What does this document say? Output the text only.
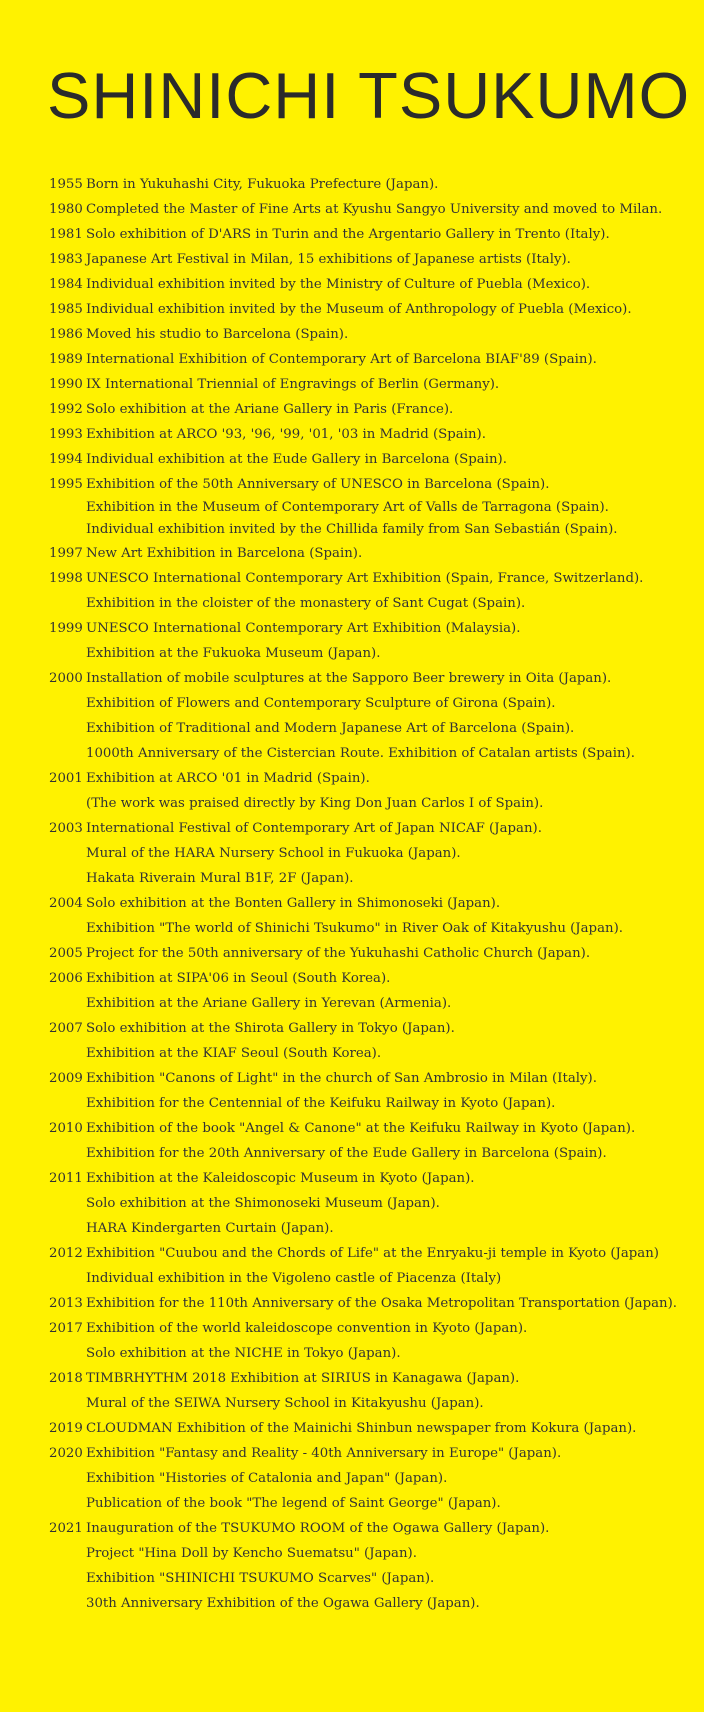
SHINICHI TSUKUMO
1955 Born in Yukuhashi City, Fukuoka Prefecture (Japan).
1980 Completed the Master of Fine Arts at Kyushu Sangyo University and moved to Milan.
1981 Solo exhibition of D'ARS in Turin and the Argentario Gallery in Trento (Italy).
1983 Japanese Art Festival in Milan, 15 exhibitions of Japanese artists (Italy).
1984 Individual exhibition invited by the Ministry of Culture of Puebla (Mexico).
1985 Individual exhibition invited by the Museum of Anthropology of Puebla (Mexico).
1986 Moved his studio to Barcelona (Spain).
1989 International Exhibition of Contemporary Art of Barcelona BIAF'89 (Spain).
1990 IX International Triennial of Engravings of Berlin (Germany).
1992 Solo exhibition at the Ariane Gallery in Paris (France).
1993 Exhibition at ARCO '93, '96, '99, '01, '03 in Madrid (Spain).
1994 Individual exhibition at the Eude Gallery in Barcelona (Spain).
1995 Exhibition of the 50th Anniversary of UNESCO in Barcelona (Spain).
Exhibition in the Museum of Contemporary Art of Valls de Tarragona (Spain).
Individual exhibition invited by the Chillida family from San Sebastián (Spain).
1997 New Art Exhibition in Barcelona (Spain).
1998 UNESCO International Contemporary Art Exhibition (Spain, France, Switzerland).
Exhibition in the cloister of the monastery of Sant Cugat (Spain).
1999 UNESCO International Contemporary Art Exhibition (Malaysia).
Exhibition at the Fukuoka Museum (Japan).
2000 Installation of mobile sculptures at the Sapporo Beer brewery in Oita (Japan).
Exhibition of Flowers and Contemporary Sculpture of Girona (Spain).
Exhibition of Traditional and Modern Japanese Art of Barcelona (Spain).
1000th Anniversary of the Cistercian Route. Exhibition of Catalan artists (Spain).
2001 Exhibition at ARCO '01 in Madrid (Spain).
(The work was praised directly by King Don Juan Carlos I of Spain).
2003 International Festival of Contemporary Art of Japan NICAF (Japan).
Mural of the HARA Nursery School in Fukuoka (Japan).
Hakata Riverain Mural B1F, 2F (Japan).
2004 Solo exhibition at the Bonten Gallery in Shimonoseki (Japan).
Exhibition "The world of Shinichi Tsukumo" in River Oak of Kitakyushu (Japan).
2005 Project for the 50th anniversary of the Yukuhashi Catholic Church (Japan).
2006 Exhibition at SIPA'06 in Seoul (South Korea).
Exhibition at the Ariane Gallery in Yerevan (Armenia).
2007 Solo exhibition at the Shirota Gallery in Tokyo (Japan).
Exhibition at the KIAF Seoul (South Korea).
2009 Exhibition "Canons of Light" in the church of San Ambrosio in Milan (Italy).
Exhibition for the Centennial of the Keifuku Railway in Kyoto (Japan).
2010 Exhibition of the book "Angel & Canone" at the Keifuku Railway in Kyoto (Japan).
Exhibition for the 20th Anniversary of the Eude Gallery in Barcelona (Spain).
2011 Exhibition at the Kaleidoscopic Museum in Kyoto (Japan).
Solo exhibition at the Shimonoseki Museum (Japan).
HARA Kindergarten Curtain (Japan).
2012 Exhibition "Cuubou and the Chords of Life" at the Enryaku-ji temple in Kyoto (Japan)
Individual exhibition in the Vigoleno castle of Piacenza (Italy)
2013 Exhibition for the 110th Anniversary of the Osaka Metropolitan Transportation (Japan).
2017 Exhibition of the world kaleidoscope convention in Kyoto (Japan).
Solo exhibition at the NICHE in Tokyo (Japan).
2018 TIMBRHYTHM 2018 Exhibition at SIRIUS in Kanagawa (Japan).
Mural of the SEIWA Nursery School in Kitakyushu (Japan).
2019 CLOUDMAN Exhibition of the Mainichi Shinbun newspaper from Kokura (Japan).
2020 Exhibition "Fantasy and Reality - 40th Anniversary in Europe" (Japan).
Exhibition "Histories of Catalonia and Japan" (Japan).
Publication of the book "The legend of Saint George" (Japan).
2021 Inauguration of the TSUKUMO ROOM of the Ogawa Gallery (Japan).
Project "Hina Doll by Kencho Suematsu" (Japan).
Exhibition "SHINICHI TSUKUMO Scarves" (Japan).
30th Anniversary Exhibition of the Ogawa Gallery (Japan).
